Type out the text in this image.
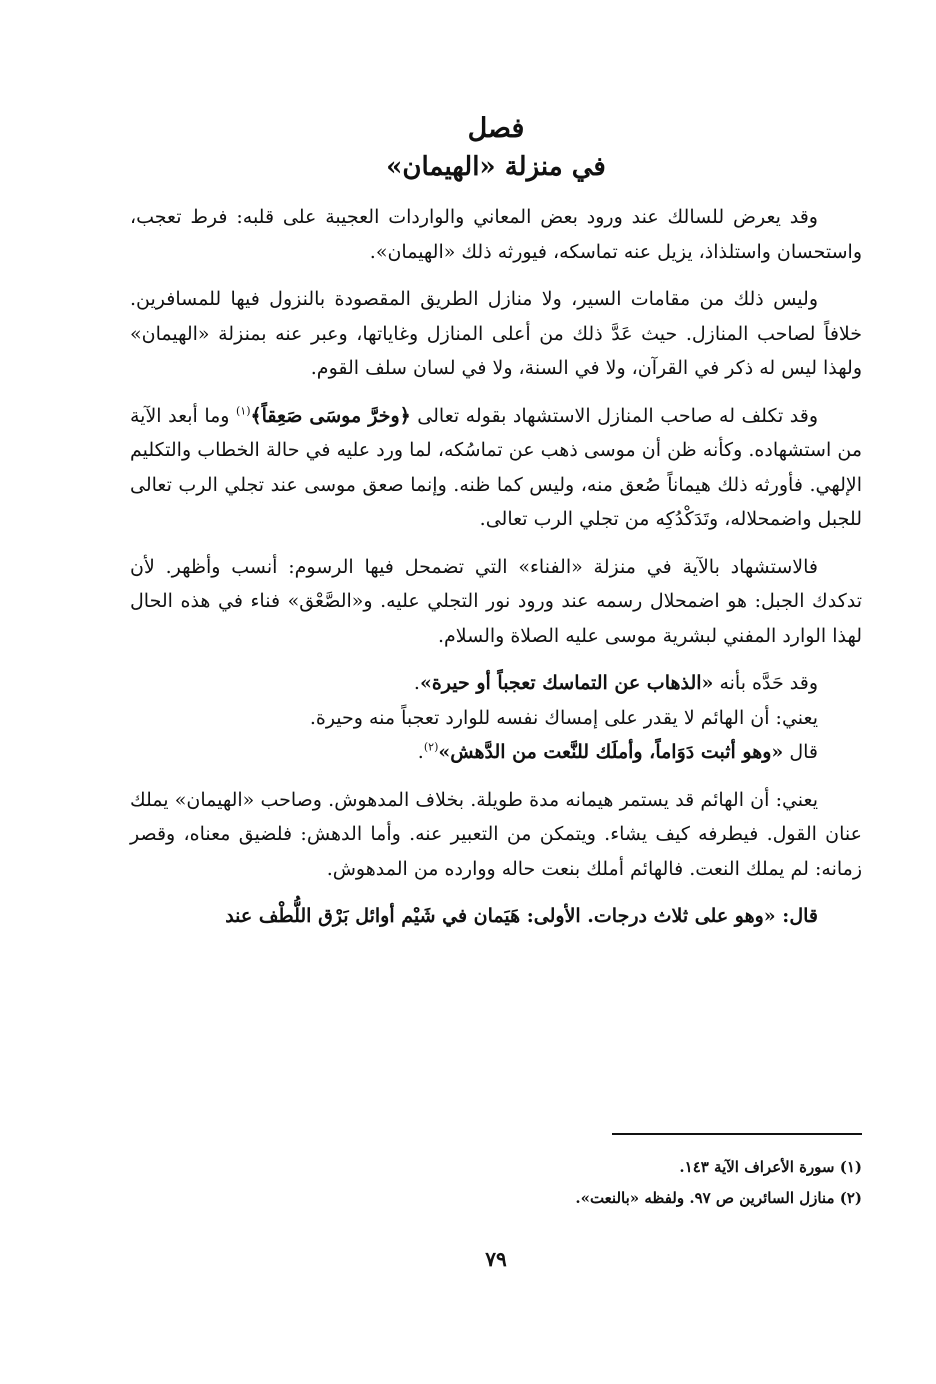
فصل
في منزلة «الهيمان»

وقد يعرض للسالك عند ورود بعض المعاني والواردات العجيبة على قلبه: فرط تعجب، واستحسان واستلذاذ، يزيل عنه تماسكه، فيورثه ذلك «الهيمان».

وليس ذلك من مقامات السير، ولا منازل الطريق المقصودة بالنزول فيها للمسافرين. خلافاً لصاحب المنازل. حيث عَدَّ ذلك من أعلى المنازل وغاياتها، وعبر عنه بمنزلة «الهيمان» ولهذا ليس له ذكر في القرآن، ولا في السنة، ولا في لسان سلف القوم.

وقد تكلف له صاحب المنازل الاستشهاد بقوله تعالى ﴿وخرَّ موسَى صَعِقاً﴾$^{(١)}$ وما أبعد الآية من استشهاده. وكأنه ظن أن موسى ذهب عن تماسُكه، لما ورد عليه في حالة الخطاب والتكليم الإلهي. فأورثه ذلك هيماناً صُعق منه، وليس كما ظنه. وإنما صعق موسى عند تجلي الرب تعالى للجبل واضمحلاله، وتَدَكْدُكِه من تجلي الرب تعالى.

فالاستشهاد بالآية في منزلة «الفناء» التي تضمحل فيها الرسوم: أنسب وأظهر. لأن تدكدك الجبل: هو اضمحلال رسمه عند ورود نور التجلي عليه. و«الصَّعْق» فناء في هذه الحال لهذا الوارد المفني لبشرية موسى عليه الصلاة والسلام.

وقد حَدَّه بأنه «الذهاب عن التماسك تعجباً أو حيرة».

يعني: أن الهائم لا يقدر على إمساك نفسه للوارد تعجباً منه وحيرة.

قال «وهو أثبت دَوَاماً، وأملَك للنَّعت من الدَّهش»$^{(٢)}$.

يعني: أن الهائم قد يستمر هيمانه مدة طويلة. بخلاف المدهوش. وصاحب «الهيمان» يملك عنان القول. فيطرفه كيف يشاء. ويتمكن من التعبير عنه. وأما الدهش: فلضيق معناه، وقصر زمانه: لم يملك النعت. فالهائم أملك بنعت حاله ووارده من المدهوش.

قال: «وهو على ثلاث درجات. الأولى: هَيَمان في شَيْم أوائل بَرْق اللُّطْف عند

(١) سورة الأعراف الآية ١٤٣.
(٢) منازل السائرين ص ٩٧. ولفظه «بالنعت».
٧٩
